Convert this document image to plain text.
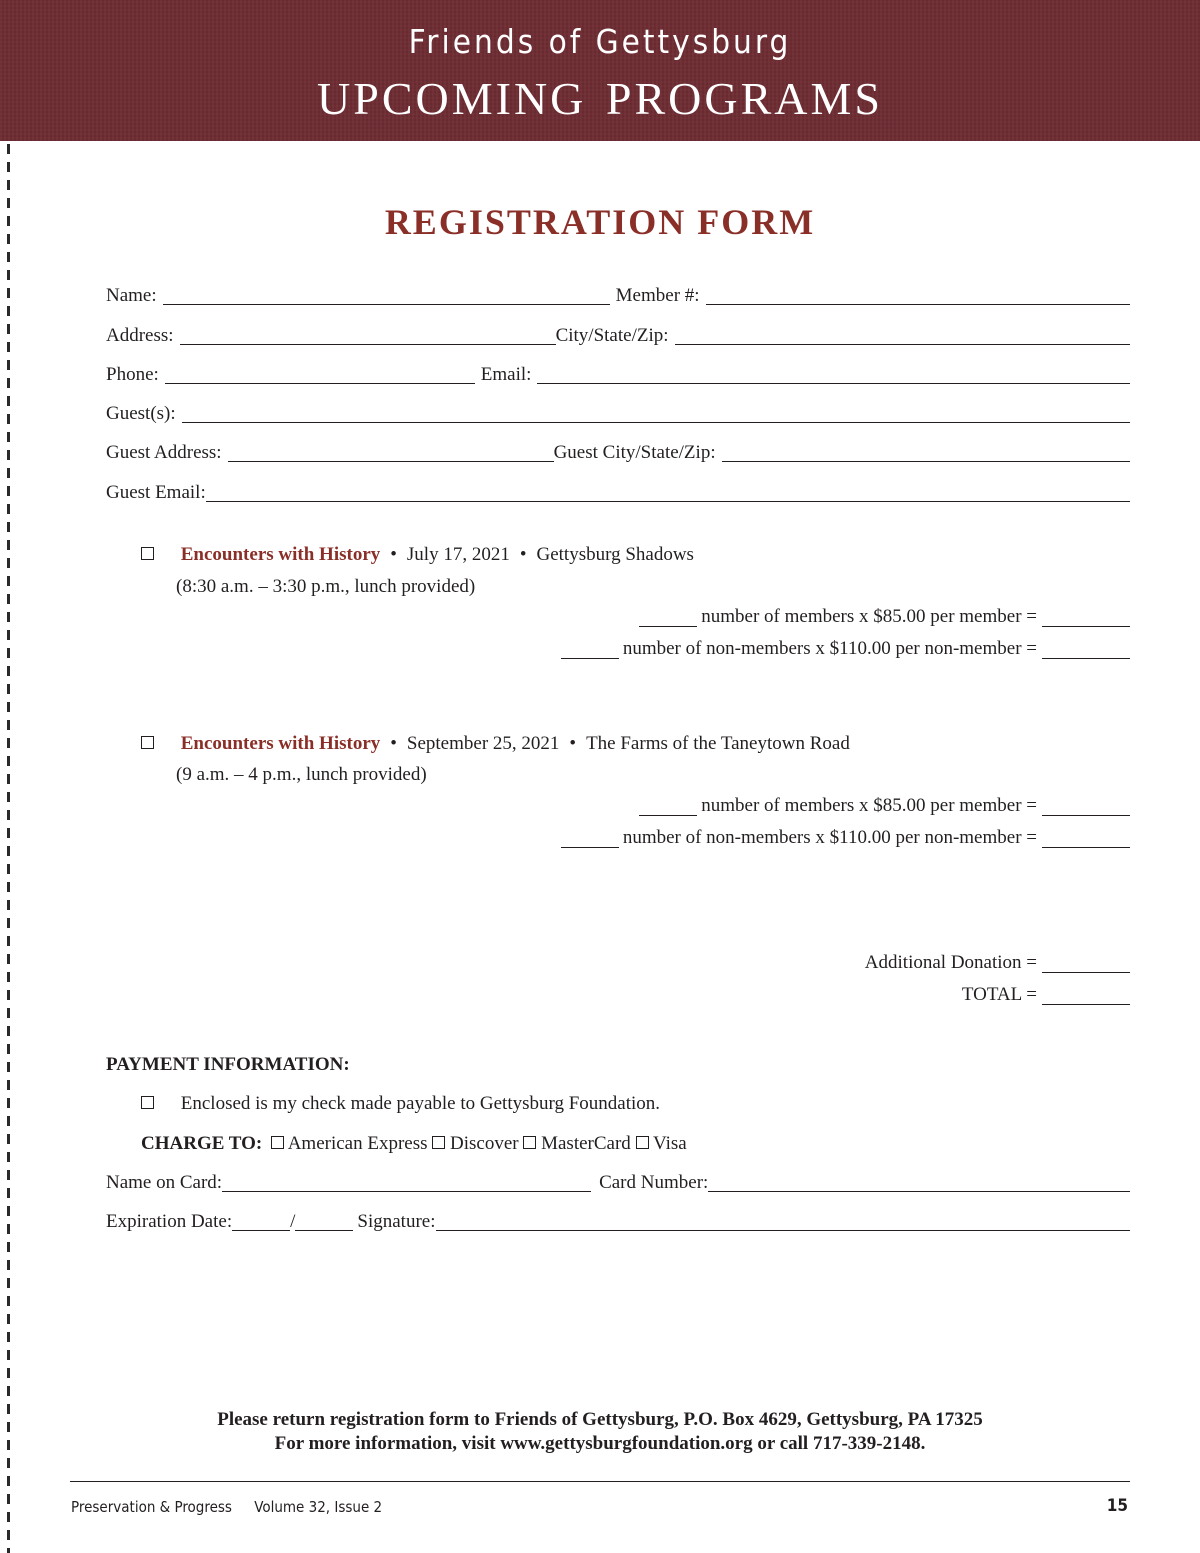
Friends of Gettysburg
upcoming programs
REGISTRATION FORM
Name:	Member #:
Address:	City/State/Zip:
Phone:	Email:
Guest(s):
Guest Address:	Guest City/State/Zip:
Guest Email:
Encounters with History • July 17, 2021 • Gettysburg Shadows
(8:30 a.m. – 3:30 p.m., lunch provided)
number of members x $85.00 per member =
number of non-members x $110.00 per non-member =
Encounters with History • September 25, 2021 • The Farms of the Taneytown Road
(9 a.m. – 4 p.m., lunch provided)
number of members x $85.00 per member =
number of non-members x $110.00 per non-member =
Additional Donation =
TOTAL =
PAYMENT INFORMATION:
Enclosed is my check made payable to Gettysburg Foundation.
CHARGE TO: American Express Discover MasterCard Visa
Name on Card:	Card Number:
Expiration Date:	/	Signature:
Please return registration form to Friends of Gettysburg, P.O. Box 4629, Gettysburg, PA 17325
For more information, visit www.gettysburgfoundation.org or call 717-339-2148.
Preservation & Progress Volume 32, Issue 2	15
